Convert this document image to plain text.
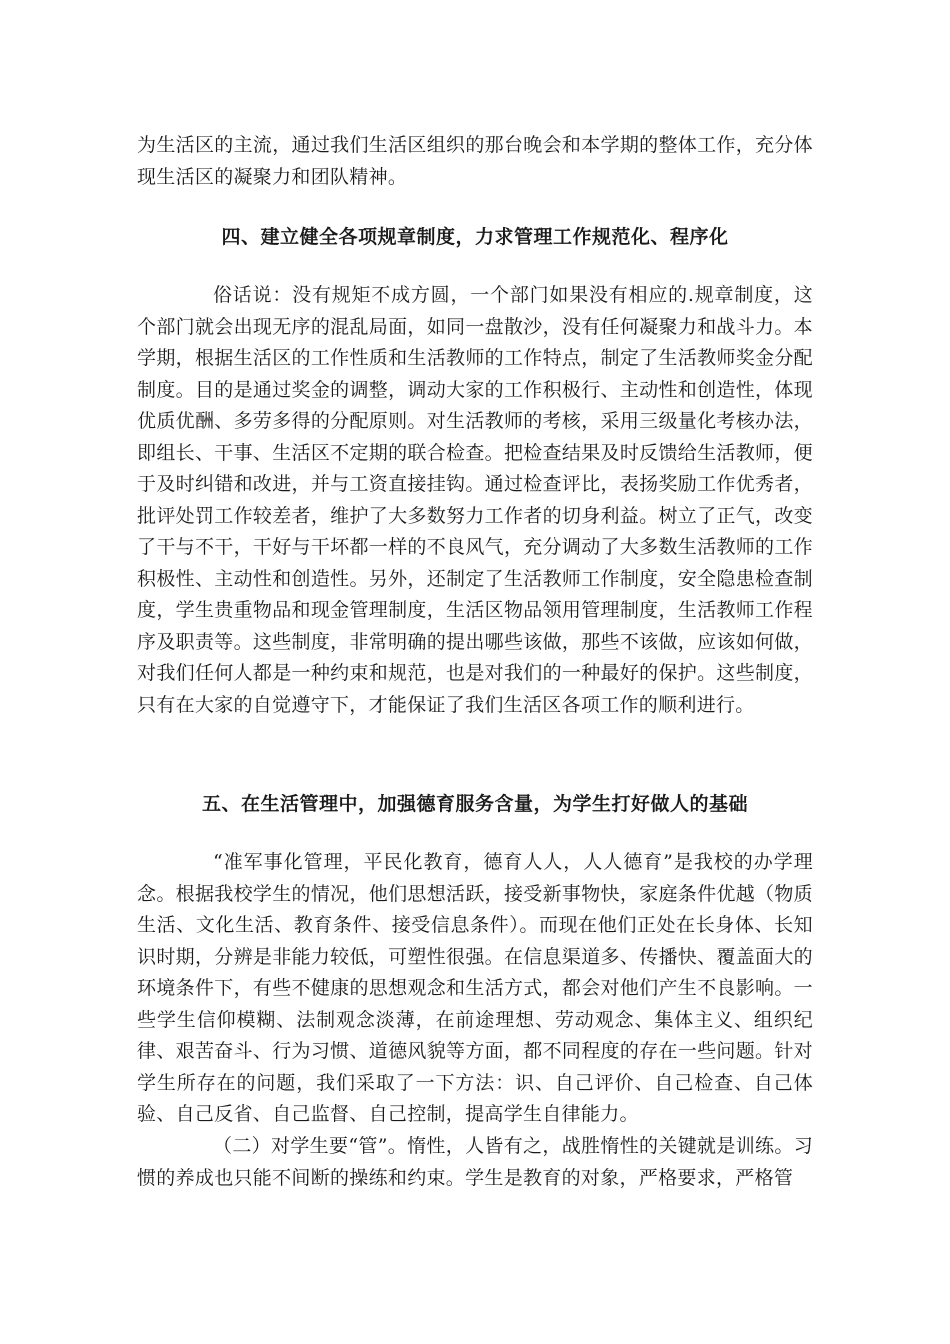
为生活区的主流，通过我们生活区组织的那台晚会和本学期的整体工作，充分体现生活区的凝聚力和团队精神。

四、建立健全各项规章制度，力求管理工作规范化、程序化

俗话说：没有规矩不成方圆，一个部门如果没有相应的.规章制度，这个部门就会出现无序的混乱局面，如同一盘散沙，没有任何凝聚力和战斗力。本学期，根据生活区的工作性质和生活教师的工作特点，制定了生活教师奖金分配制度。目的是通过奖金的调整，调动大家的工作积极行、主动性和创造性，体现优质优酬、多劳多得的分配原则。对生活教师的考核，采用三级量化考核办法，即组长、干事、生活区不定期的联合检查。把检查结果及时反馈给生活教师，便于及时纠错和改进，并与工资直接挂钩。通过检查评比，表扬奖励工作优秀者，批评处罚工作较差者，维护了大多数努力工作者的切身利益。树立了正气，改变了干与不干，干好与干坏都一样的不良风气，充分调动了大多数生活教师的工作积极性、主动性和创造性。另外，还制定了生活教师工作制度，安全隐患检查制度，学生贵重物品和现金管理制度，生活区物品领用管理制度，生活教师工作程序及职责等。这些制度，非常明确的提出哪些该做，那些不该做，应该如何做，对我们任何人都是一种约束和规范，也是对我们的一种最好的保护。这些制度，只有在大家的自觉遵守下，才能保证了我们生活区各项工作的顺利进行。

五、在生活管理中，加强德育服务含量，为学生打好做人的基础

“准军事化管理，平民化教育，德育人人，人人德育”是我校的办学理念。根据我校学生的情况，他们思想活跃，接受新事物快，家庭条件优越（物质生活、文化生活、教育条件、接受信息条件）。而现在他们正处在长身体、长知识时期，分辨是非能力较低，可塑性很强。在信息渠道多、传播快、覆盖面大的环境条件下，有些不健康的思想观念和生活方式，都会对他们产生不良影响。一些学生信仰模糊、法制观念淡薄，在前途理想、劳动观念、集体主义、组织纪律、艰苦奋斗、行为习惯、道德风貌等方面，都不同程度的存在一些问题。针对学生所存在的问题，我们采取了一下方法：识、自己评价、自己检查、自己体验、自己反省、自己监督、自己控制，提高学生自律能力。

（二）对学生要“管”。惰性，人皆有之，战胜惰性的关键就是训练。习惯的养成也只能不间断的操练和约束。学生是教育的对象，严格要求，严格管
